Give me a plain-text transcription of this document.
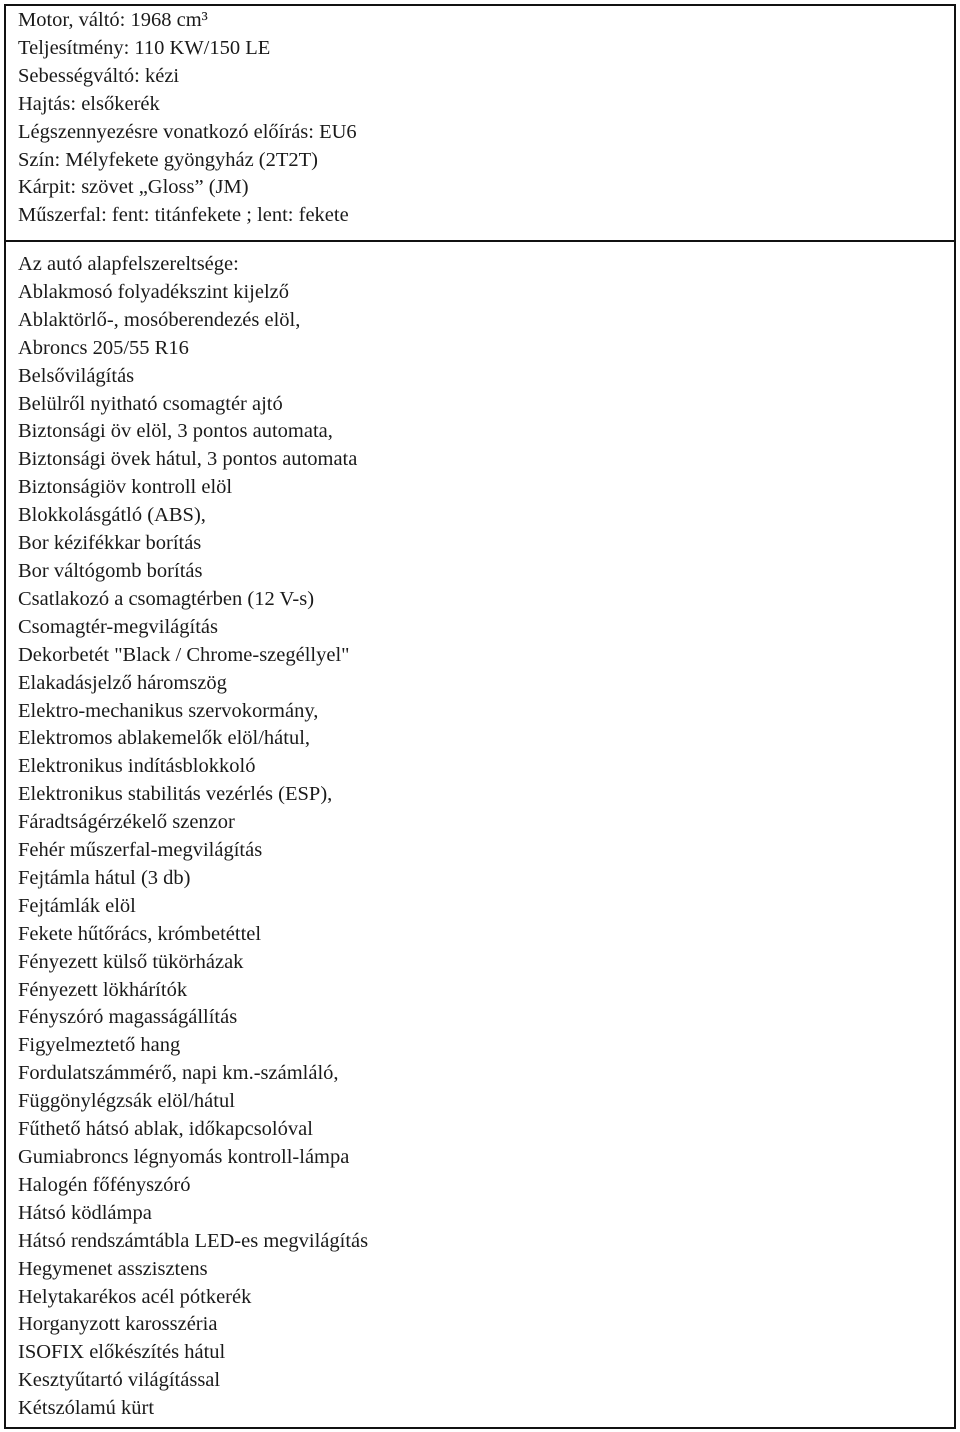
Motor, váltó: 1968 cm³
Teljesítmény: 110 KW/150 LE
Sebességváltó: kézi
Hajtás: elsőkerék
Légszennyezésre vonatkozó előírás: EU6
Szín: Mélyfekete gyöngyház (2T2T)
Kárpit: szövet „Gloss” (JM)
Műszerfal: fent: titánfekete ; lent: fekete

Az autó alapfelszereltsége:
Ablakmosó folyadékszint kijelző
Ablaktörlő-, mosóberendezés elöl,
Abroncs 205/55 R16
Belsővilágítás
Belülről nyitható csomagtér ajtó
Biztonsági öv elöl, 3 pontos automata,
Biztonsági övek hátul, 3 pontos automata
Biztonságiöv kontroll elöl
Blokkolásgátló (ABS),
Bor kézifékkar borítás
Bor váltógomb borítás
Csatlakozó a csomagtérben (12 V-s)
Csomagtér-megvilágítás
Dekorbetét "Black / Chrome-szegéllyel"
Elakadásjelző háromszög
Elektro-mechanikus szervokormány,
Elektromos ablakemelők elöl/hátul,
Elektronikus indításblokkoló
Elektronikus stabilitás vezérlés (ESP),
Fáradtságérzékelő szenzor
Fehér műszerfal-megvilágítás
Fejtámla hátul (3 db)
Fejtámlák elöl
Fekete hűtőrács, krómbetéttel
Fényezett külső tükörházak
Fényezett lökhárítók
Fényszóró magasságállítás
Figyelmeztető hang
Fordulatszámmérő, napi km.-számláló,
Függönylégzsák elöl/hátul
Fűthető hátsó ablak, időkapcsolóval
Gumiabroncs légnyomás kontroll-lámpa
Halogén főfényszóró
Hátsó ködlámpa
Hátsó rendszámtábla LED-es megvilágítás
Hegymenet asszisztens
Helytakarékos acél pótkerék
Horganyzott karosszéria
ISOFIX előkészítés hátul
Kesztyűtartó világítással
Kétszólamú kürt
